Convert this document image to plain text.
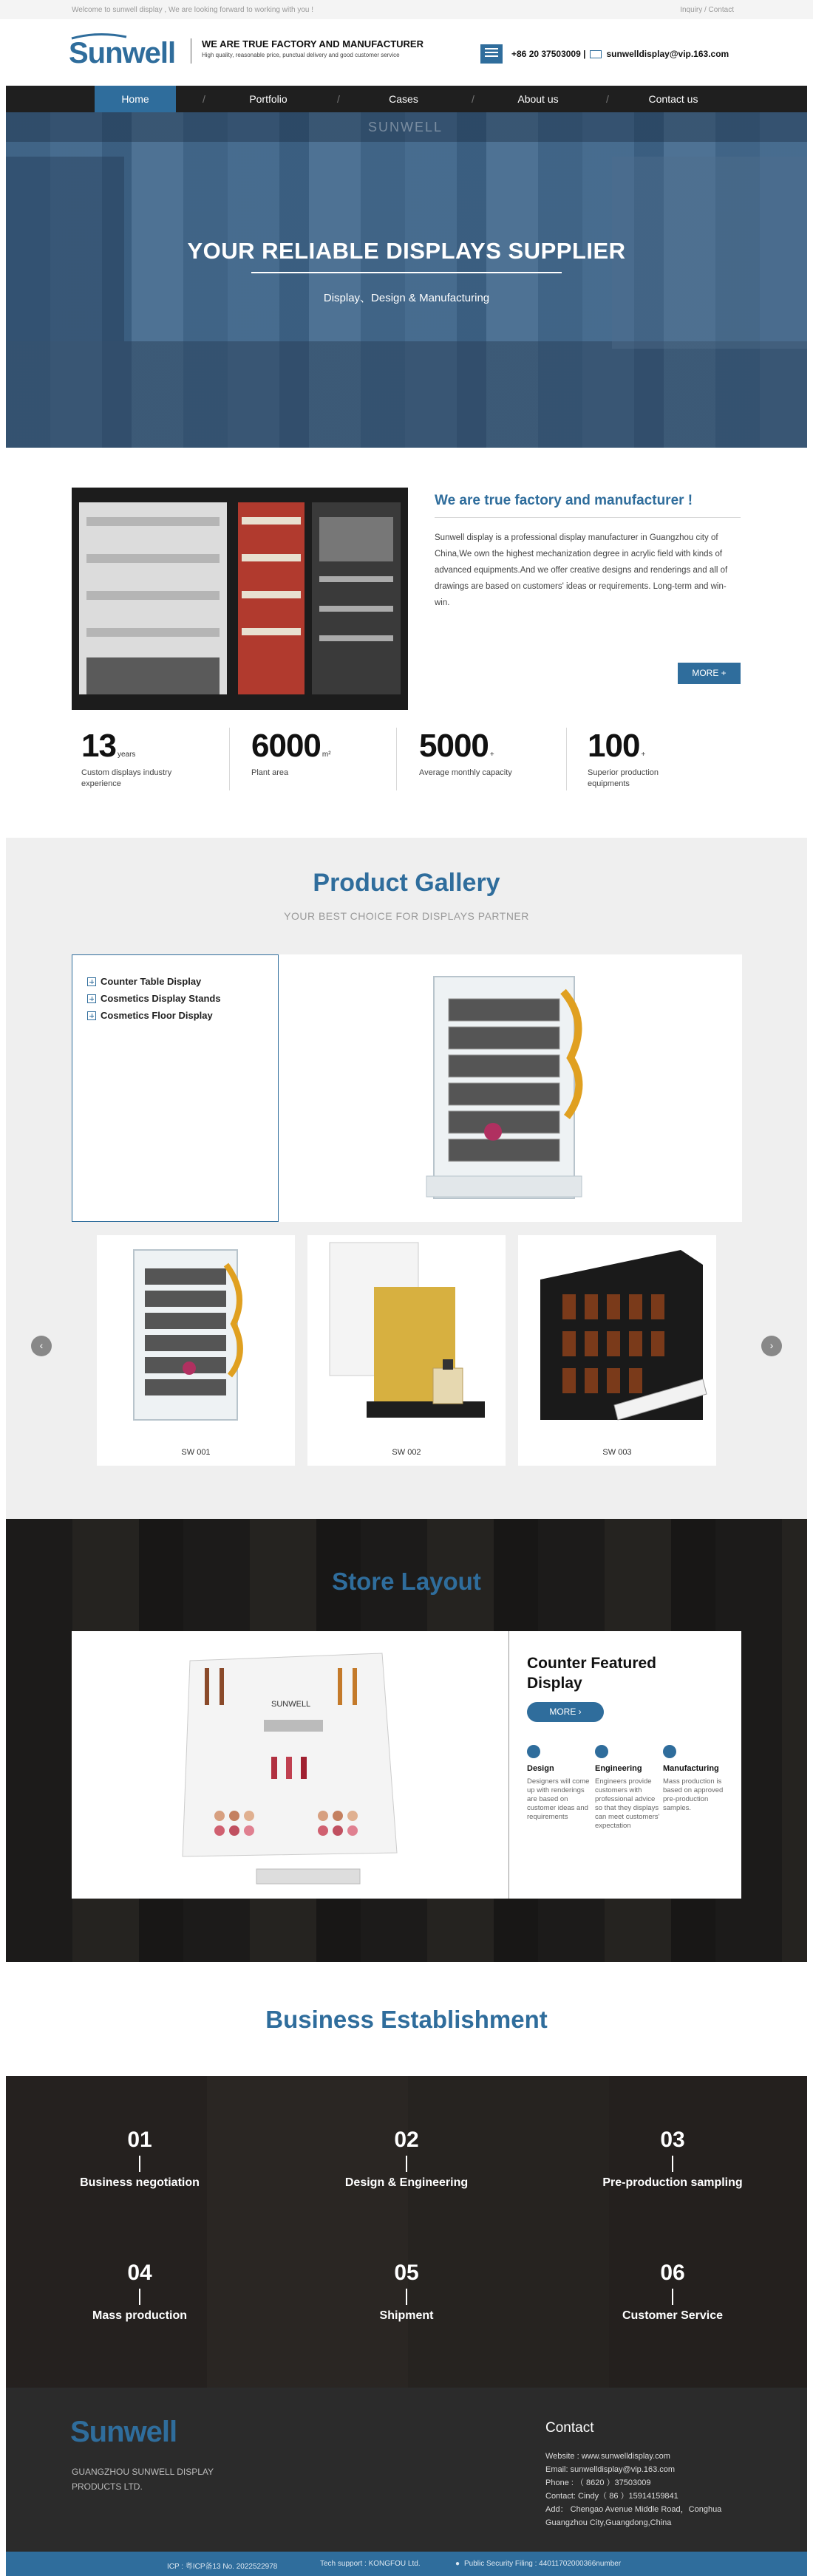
Welcome to sunwell display , We are looking forward to working with you !	Inquiry / Contact
Sunwell	WE ARE TRUE FACTORY AND MANUFACTURER
High quality, reasonable price, punctual delivery and good customer service	+86 20 37503009 | sunwelldisplay@vip.163.com
Home	/	Portfolio	/	Cases	/	About us	/	Contact us
SUNWELL
YOUR RELIABLE DISPLAYS SUPPLIER
Display、Design & Manufacturing
We are true factory and manufacturer !
Sunwell display is a professional display manufacturer in Guangzhou city of China,We own the highest mechanization degree in acrylic field with kinds of advanced equipments.And we offer creative designs and renderings and all of drawings are based on customers' ideas or requirements. Long-term and win-win.
MORE +
13 years
Custom displays industry experience
6000 m²
Plant area
5000 +
Average monthly capacity
100 +
Superior production equipments
Product Gallery
YOUR BEST CHOICE FOR DISPLAYS PARTNER
Counter Table Display
Cosmetics Display Stands
Cosmetics Floor Display
‹	›
SW 001	SW 002	SW 003
Store Layout
SUNWELL
Counter Featured Display
MORE ›
Design
Designers will come up with renderings are based on customer ideas and requirements
Engineering
Engineers provide customers with professional advice so that they displays can meet customers' expectation
Manufacturing
Mass production is based on approved pre-production samples.
Business Establishment
01
Business negotiation
02
Design & Engineering
03
Pre-production sampling
04
Mass production
05
Shipment
06
Customer Service
Sunwell
GUANGZHOU SUNWELL DISPLAY PRODUCTS LTD.
Contact
Website : www.sunwelldisplay.com
Email: sunwelldisplay@vip.163.com
Phone : （ 8620 ）37503009
Contact: Cindy（ 86 ）15914159841
Add： Chengao Avenue Middle Road，Conghua
Guangzhou City,Guangdong,China
ICP : 粤ICP备13 No. 2022522978	Tech support : KONGFOU Ltd.	● Public Security Filing : 44011702000366number
